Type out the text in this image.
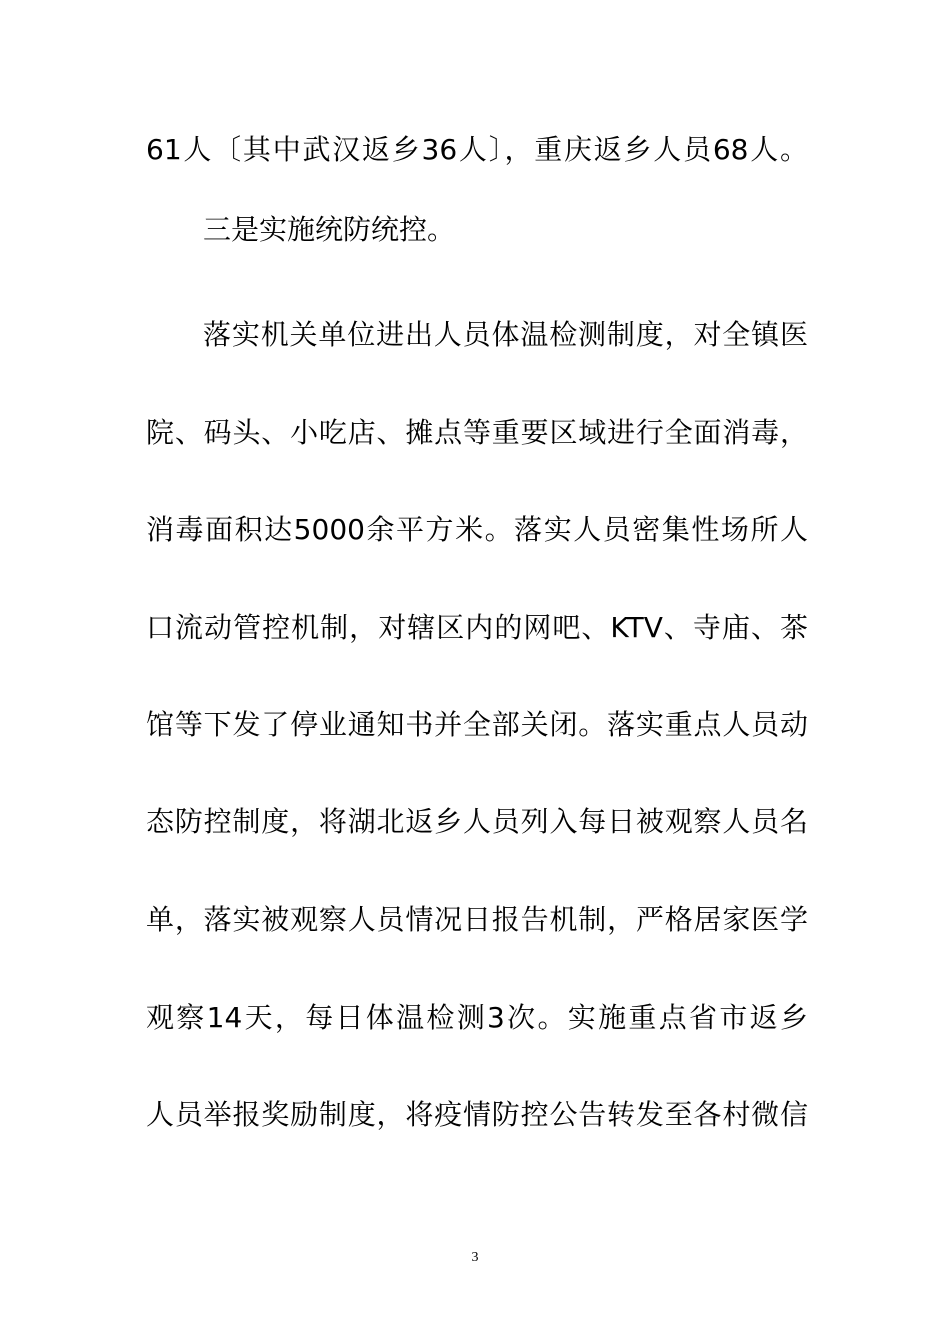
61人〔其中武汉返乡36人〕，重庆返乡人员68人。
三是实施统防统控。
落实机关单位进出人员体温检测制度，对全镇医
院、码头、小吃店、摊点等重要区域进行全面消毒，
消毒面积达5000余平方米。落实人员密集性场所人
口流动管控机制，对辖区内的网吧、KTV、寺庙、茶
馆等下发了停业通知书并全部关闭。落实重点人员动
态防控制度，将湖北返乡人员列入每日被观察人员名
单，落实被观察人员情况日报告机制，严格居家医学
观察14天，每日体温检测3次。实施重点省市返乡
人员举报奖励制度，将疫情防控公告转发至各村微信
3
